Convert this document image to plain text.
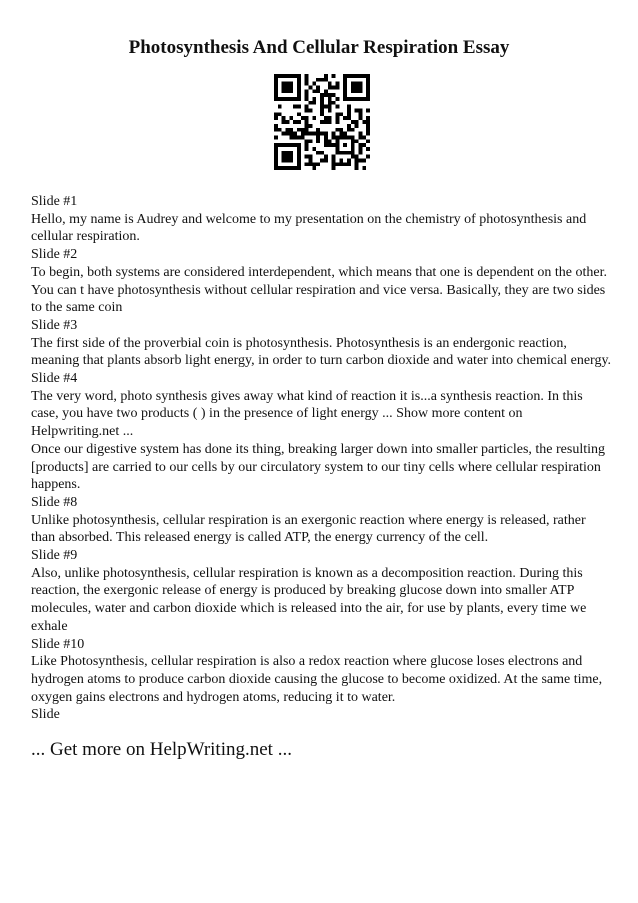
Photosynthesis And Cellular Respiration Essay

Slide #1

Hello, my name is Audrey and welcome to my presentation on the chemistry of photosynthesis and cellular respiration.

Slide #2

To begin, both systems are considered interdependent, which means that one is dependent on the other. You can t have photosynthesis without cellular respiration and vice versa. Basically, they are two sides to the same coin

Slide #3

The first side of the proverbial coin is photosynthesis. Photosynthesis is an endergonic reaction, meaning that plants absorb light energy, in order to turn carbon dioxide and water into chemical energy.

Slide #4

The very word, photo synthesis gives away what kind of reaction it is...a synthesis reaction. In this case, you have two products ( ) in the presence of light energy ... Show more content on Helpwriting.net ...

Once our digestive system has done its thing, breaking larger down into smaller particles, the resulting [products] are carried to our cells by our circulatory system to our tiny cells where cellular respiration happens.

Slide #8

Unlike photosynthesis, cellular respiration is an exergonic reaction where energy is released, rather than absorbed. This released energy is called ATP, the energy currency of the cell.

Slide #9

Also, unlike photosynthesis, cellular respiration is known as a decomposition reaction. During this reaction, the exergonic release of energy is produced by breaking glucose down into smaller ATP molecules, water and carbon dioxide which is released into the air, for use by plants, every time we exhale

Slide #10

Like Photosynthesis, cellular respiration is also a redox reaction where glucose loses electrons and hydrogen atoms to produce carbon dioxide causing the glucose to become oxidized. At the same time, oxygen gains electrons and hydrogen atoms, reducing it to water.

Slide

... Get more on HelpWriting.net ...
